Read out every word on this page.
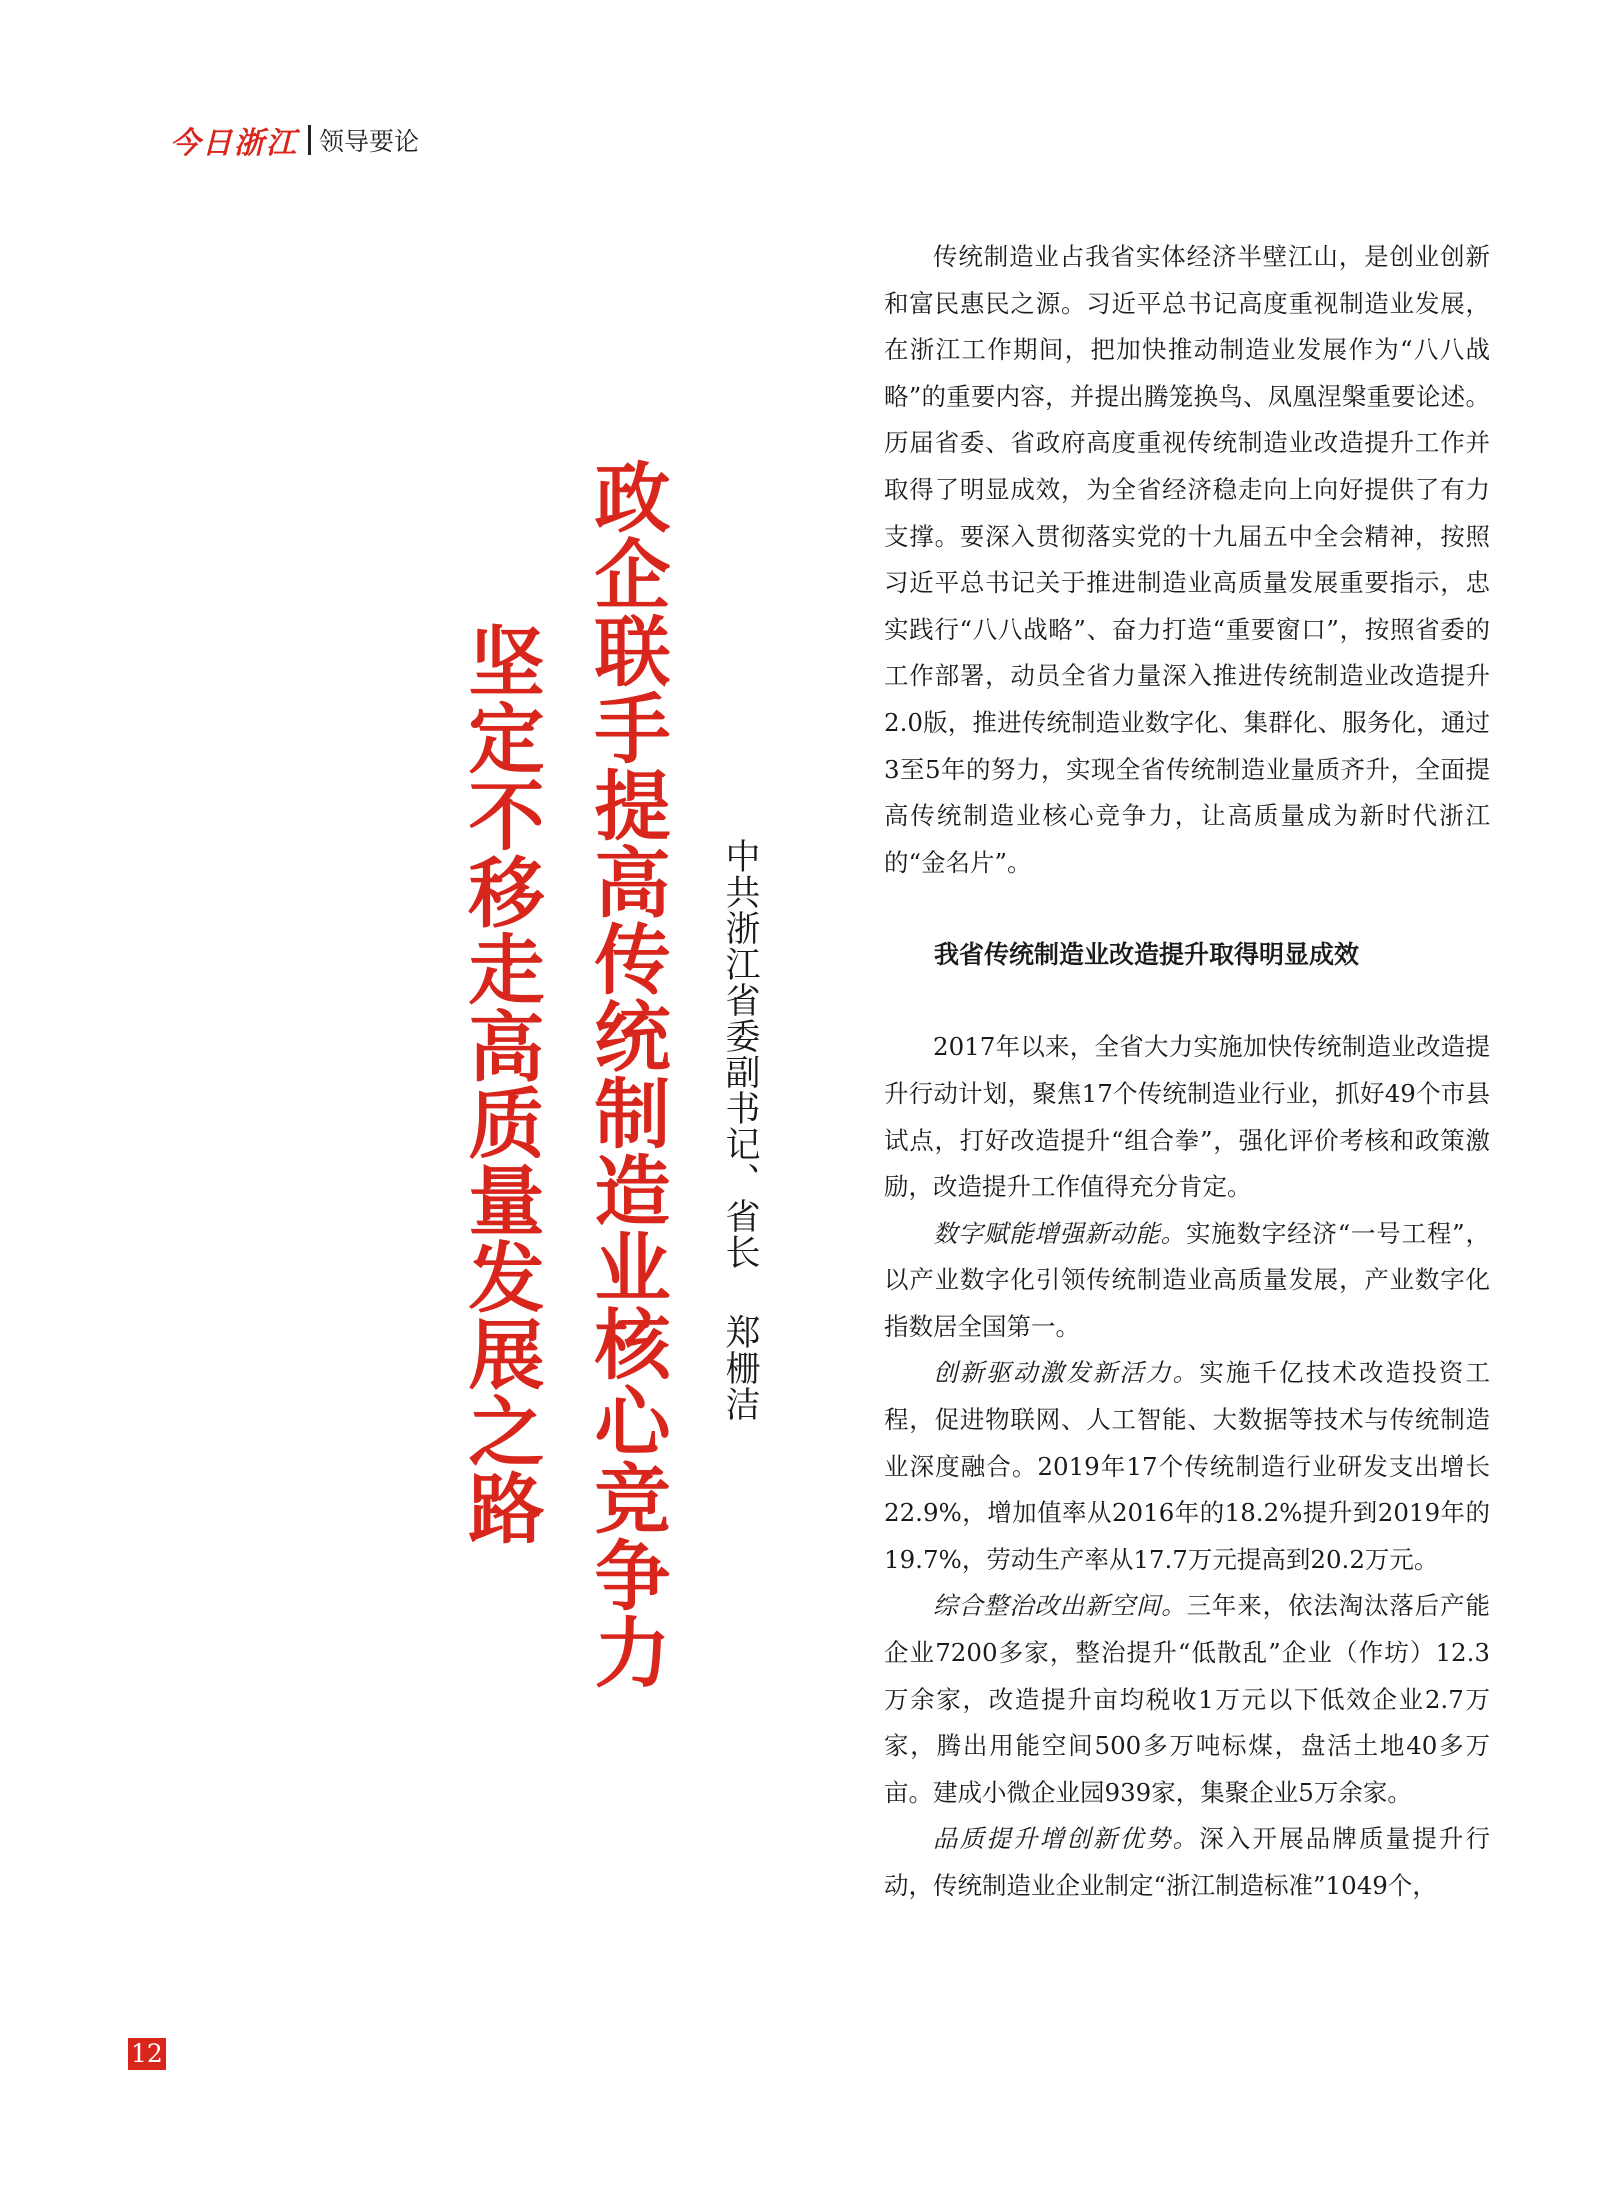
今日浙江 领导要论
政企联手提高传统制造业核心竞争力
坚定不移走高质量发展之路	中共浙江省委副书记、省长郑栅洁

传统制造业占我省实体经济半壁江山，是创业创新和富民惠民之源。习近平总书记高度重视制造业发展，在浙江工作期间，把加快推动制造业发展作为“八八战略”的重要内容，并提出腾笼换鸟、凤凰涅槃重要论述。历届省委、省政府高度重视传统制造业改造提升工作并取得了明显成效，为全省经济稳走向上向好提供了有力支撑。要深入贯彻落实党的十九届五中全会精神，按照习近平总书记关于推进制造业高质量发展重要指示，忠实践行“八八战略”、奋力打造“重要窗口”，按照省委的工作部署，动员全省力量深入推进传统制造业改造提升2.0版，推进传统制造业数字化、集群化、服务化，通过3至5年的努力，实现全省传统制造业量质齐升，全面提高传统制造业核心竞争力，让高质量成为新时代浙江的“金名片”。

我省传统制造业改造提升取得明显成效

2017年以来，全省大力实施加快传统制造业改造提升行动计划，聚焦17个传统制造业行业，抓好49个市县试点，打好改造提升“组合拳”，强化评价考核和政策激励，改造提升工作值得充分肯定。

数字赋能增强新动能。实施数字经济“一号工程”，以产业数字化引领传统制造业高质量发展，产业数字化指数居全国第一。

创新驱动激发新活力。实施千亿技术改造投资工程，促进物联网、人工智能、大数据等技术与传统制造业深度融合。2019年17个传统制造行业研发支出增长22.9%，增加值率从2016年的18.2%提升到2019年的19.7%，劳动生产率从17.7万元提高到20.2万元。

综合整治改出新空间。三年来，依法淘汰落后产能企业7200多家，整治提升“低散乱”企业（作坊）12.3万余家，改造提升亩均税收1万元以下低效企业2.7万家，腾出用能空间500多万吨标煤，盘活土地40多万亩。建成小微企业园939家，集聚企业5万余家。

品质提升增创新优势。深入开展品牌质量提升行动，传统制造业企业制定“浙江制造标准”1049个，

12
